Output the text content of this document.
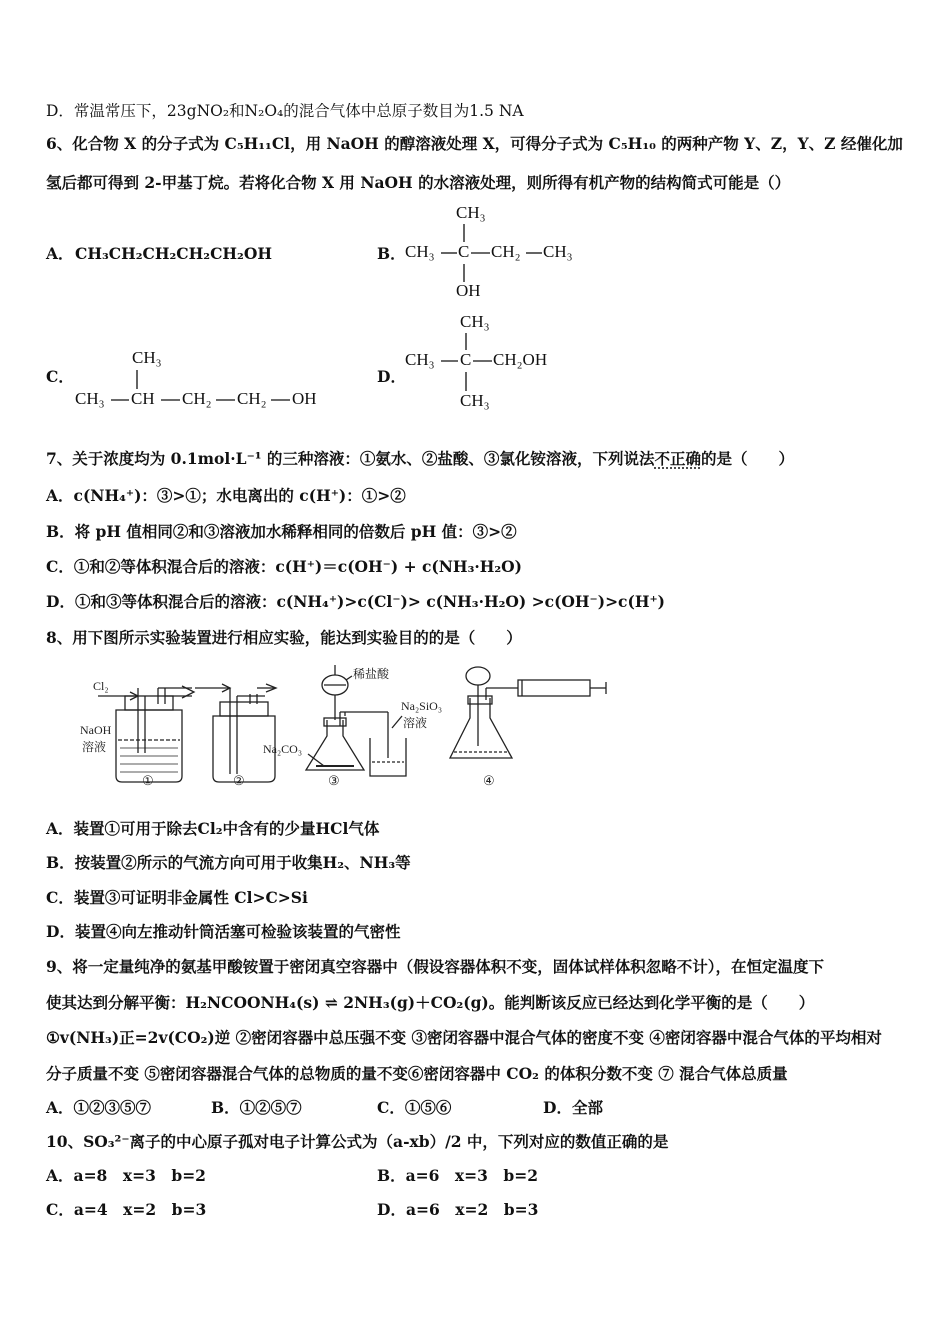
D．常温常压下，23gNO₂和N₂O₄的混合气体中总原子数目为1.5 NA
6、化合物 X 的分子式为 C₅H₁₁Cl，用 NaOH 的醇溶液处理 X，可得分子式为 C₅H₁₀ 的两种产物 Y、Z，Y、Z 经催化加
氢后都可得到 2-甲基丁烷。若将化合物 X 用 NaOH 的水溶液处理，则所得有机产物的结构简式可能是（）
A． CH₃CH₂CH₂CH₂CH₂OH	B．
CH₃
CH₃ C CH₂ CH₃
OH
C．
CH₃
CH₃ CH CH₂ CH₂ OH
D．
CH₃
CH₃ C CH₂OH
CH₃
7、关于浓度均为 0.1mol·L⁻¹ 的三种溶液：①氨水、②盐酸、③氯化铵溶液，下列说法不正确的是（　　）
A．c(NH₄⁺)：③>①；水电离出的 c(H⁺)：①>②
B．将 pH 值相同②和③溶液加水稀释相同的倍数后 pH 值：③>②
C．①和②等体积混合后的溶液：c(H⁺)＝c(OH⁻) + c(NH₃·H₂O)
D．①和③等体积混合后的溶液：c(NH₄⁺)>c(Cl⁻)> c(NH₃·H₂O) >c(OH⁻)>c(H⁺)
8、用下图所示实验装置进行相应实验，能达到实验目的的是（　　）
Cl₂
NaOH
溶液
①	②
稀盐酸
Na₂SiO₃
溶液
Na₂CO₃
③	④
A．装置①可用于除去Cl₂中含有的少量HCl气体
B．按装置②所示的气流方向可用于收集H₂、NH₃等
C．装置③可证明非金属性 Cl>C>Si
D．装置④向左推动针筒活塞可检验该装置的气密性
9、将一定量纯净的氨基甲酸铵置于密闭真空容器中（假设容器体积不变，固体试样体积忽略不计），在恒定温度下
使其达到分解平衡：H₂NCOONH₄(s) ⇌ 2NH₃(g)＋CO₂(g)。能判断该反应已经达到化学平衡的是（　　）
①v(NH₃)正=2v(CO₂)逆 ②密闭容器中总压强不变 ③密闭容器中混合气体的密度不变 ④密闭容器中混合气体的平均相对
分子质量不变 ⑤密闭容器混合气体的总物质的量不变⑥密闭容器中 CO₂ 的体积分数不变 ⑦ 混合气体总质量
A．①②③⑤⑦	B．①②⑤⑦	C．①⑤⑥	D．全部
10、SO₃²⁻离子的中心原子孤对电子计算公式为（a-xb）/2 中，下列对应的数值正确的是
A．a=8　x=3　b=2	B．a=6　x=3　b=2
C．a=4　x=2　b=3	D．a=6　x=2　b=3
